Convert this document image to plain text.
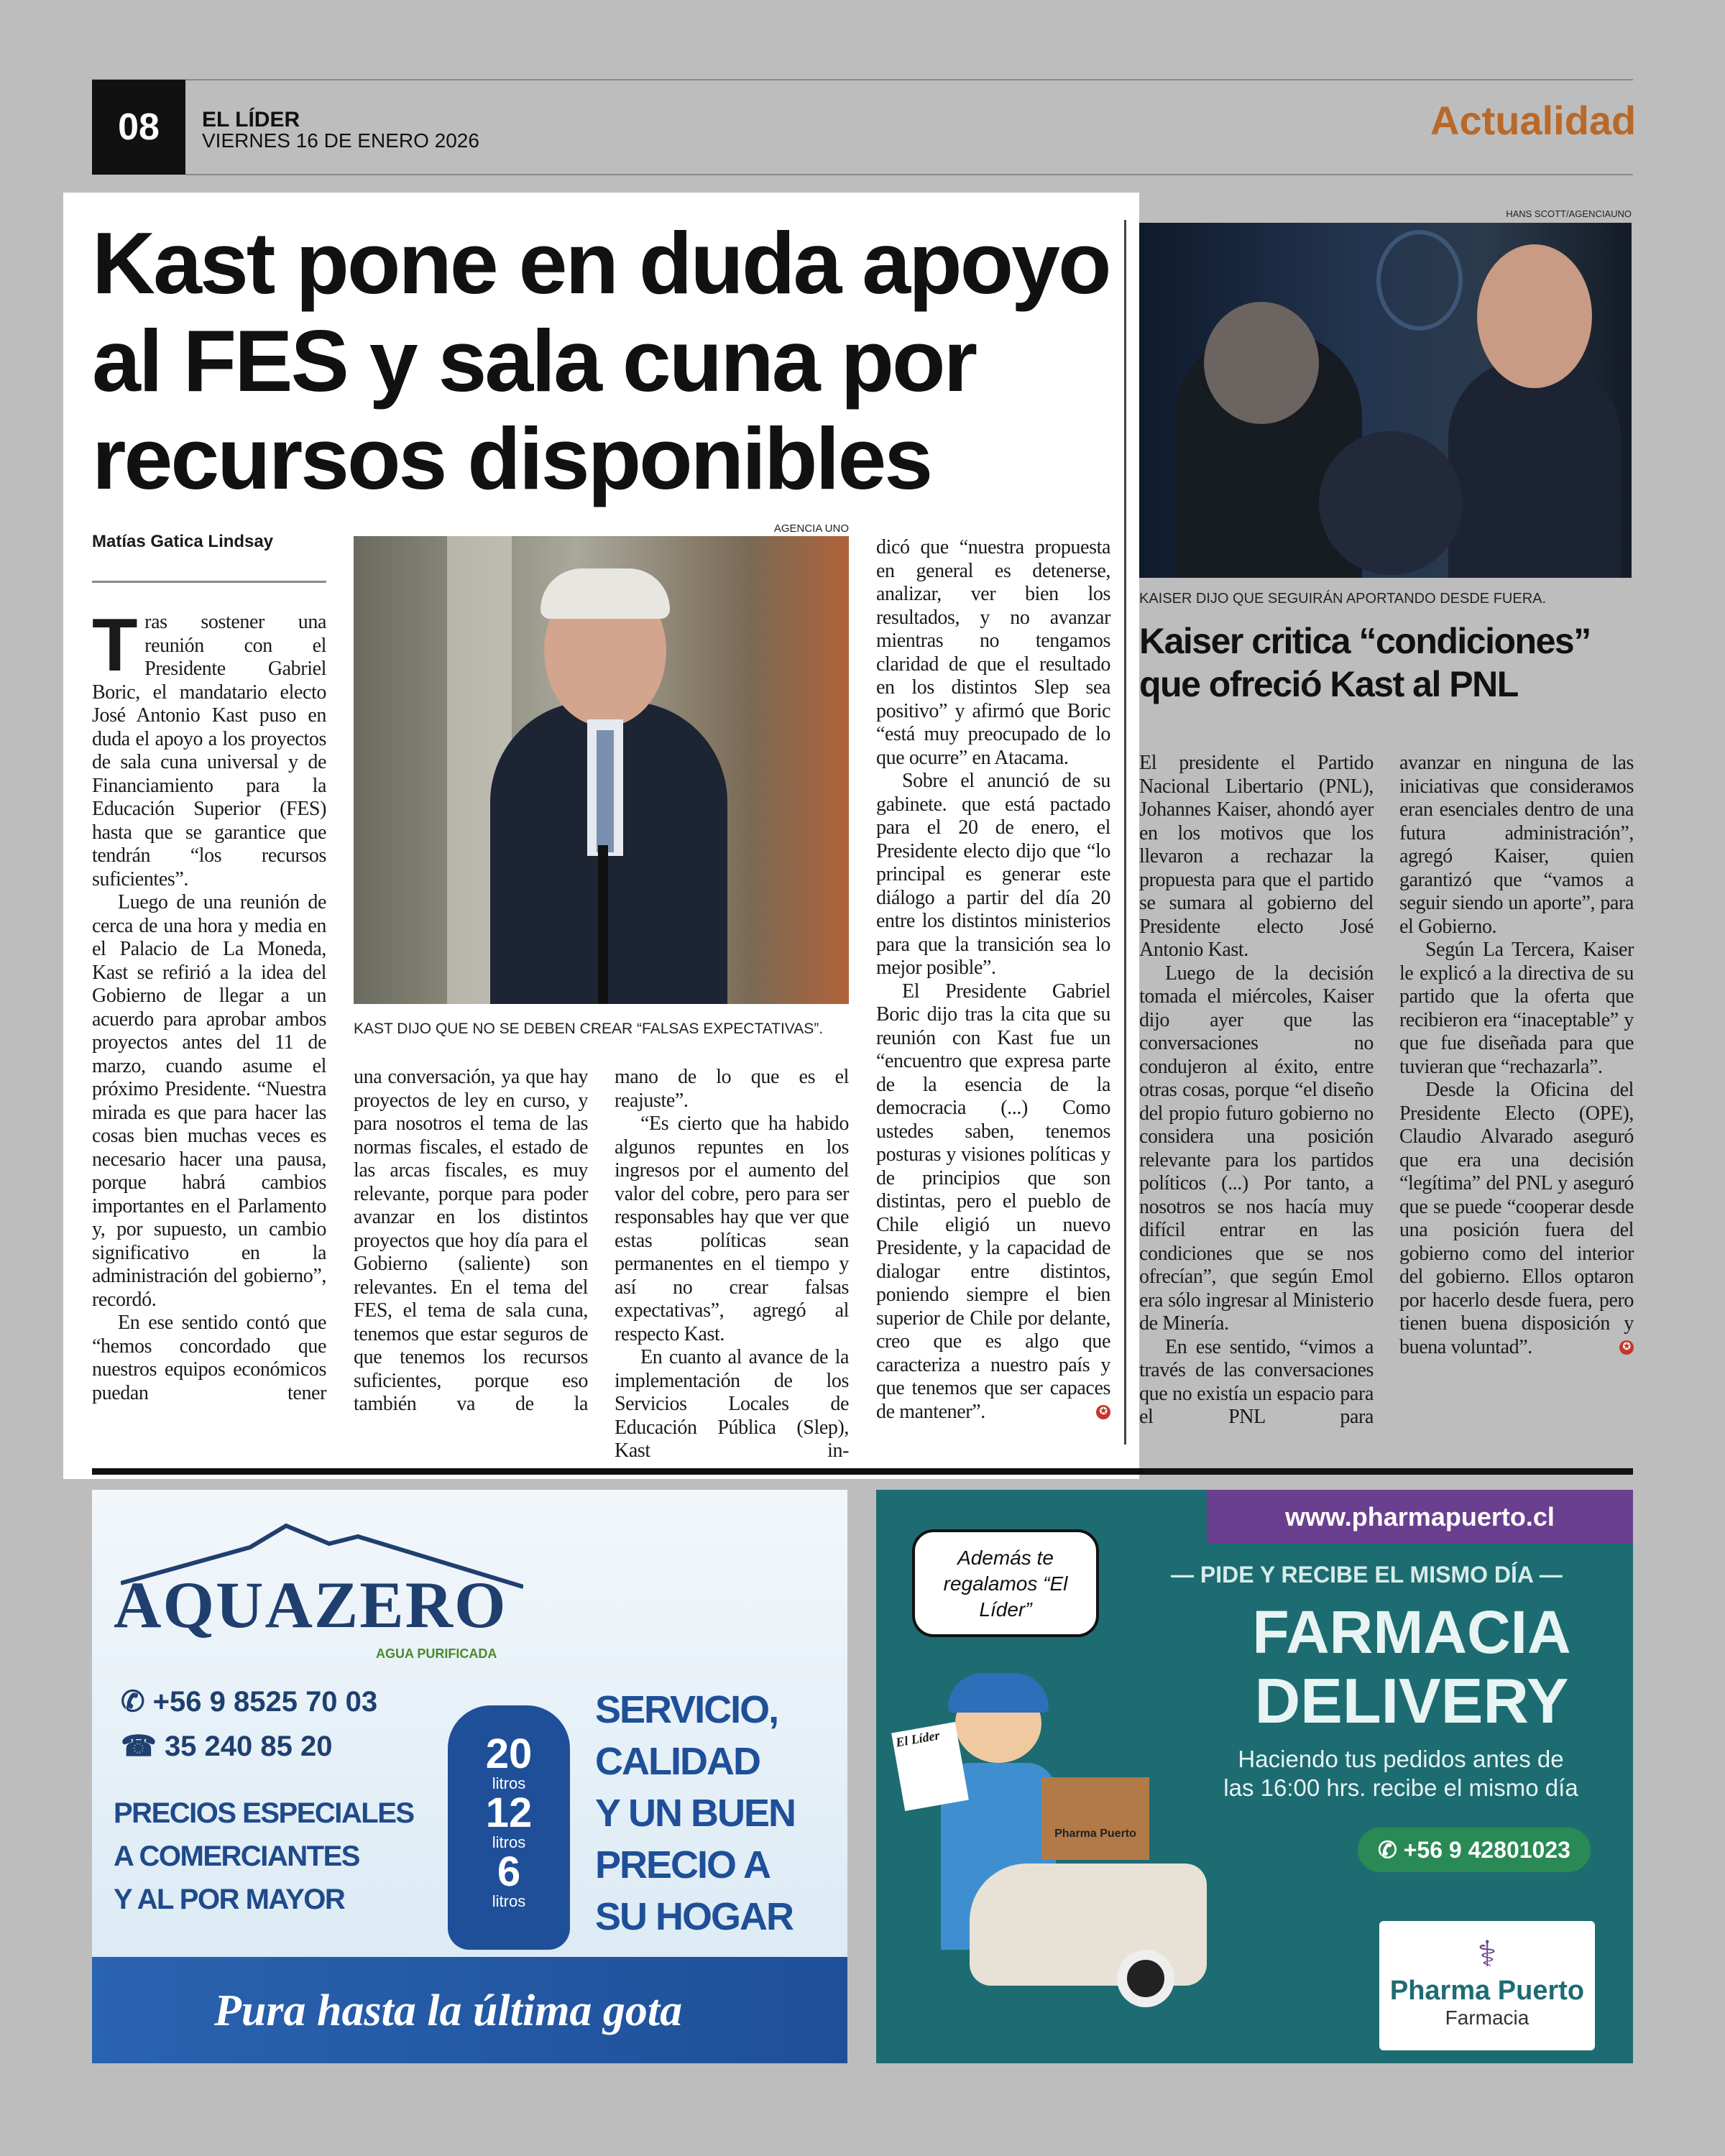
08	EL LÍDER
VIERNES 16 DE ENERO 2026	Actualidad
Kast pone en duda apoyo al FES y sala cuna por recursos disponibles
Matías Gatica Lindsay
AGENCIA UNO
KAST DIJO QUE NO SE DEBEN CREAR “FALSAS EXPECTATIVAS”.

Tras sostener una reunión con el Presidente Gabriel Boric, el mandatario electo José Antonio Kast puso en duda el apoyo a los proyectos de sala cuna universal y de Financiamiento para la Educación Superior (FES) hasta que se garantice que tendrán “los recursos suficientes”.

Luego de una reunión de cerca de una hora y media en el Palacio de La Moneda, Kast se refirió a la idea del Gobierno de llegar a un acuerdo para aprobar ambos proyectos antes del 11 de marzo, cuando asume el próximo Presidente. “Nuestra mirada es que para hacer las cosas bien muchas veces es necesario hacer una pausa, porque habrá cambios importantes en el Parlamento y, por supuesto, un cambio significativo en la administración del gobierno”, recordó.

En ese sentido contó que “hemos concordado que nuestros equipos económicos puedan tener

una conversación, ya que hay proyectos de ley en curso, y para nosotros el tema de las normas fiscales, el estado de las arcas fiscales, es muy relevante, porque para poder avanzar en los distintos proyectos que hoy día para el Gobierno (saliente) son relevantes. En el tema del FES, el tema de sala cuna, tenemos que estar seguros de que tenemos los recursos suficientes, porque eso también va de la

mano de lo que es el reajuste”.

“Es cierto que ha habido algunos repuntes en los ingresos por el aumento del valor del cobre, pero para ser responsables hay que ver que estas políticas sean permanentes en el tiempo y así no crear falsas expectativas”, agregó al respecto Kast.

En cuanto al avance de la implementación de los Servicios Locales de Educación Pública (Slep), Kast in-

dicó que “nuestra propuesta en general es detenerse, analizar, ver bien los resultados, y no avanzar mientras no tengamos claridad de que el resultado en los distintos Slep sea positivo” y afirmó que Boric “está muy preocupado de lo que ocurre” en Atacama.

Sobre el anunció de su gabinete. que está pactado para el 20 de enero, el Presidente electo dijo que “lo principal es generar este diálogo a partir del día 20 entre los distintos ministerios para que la transición sea lo mejor posible”.

El Presidente Gabriel Boric dijo tras la cita que su reunión con Kast fue un “encuentro que expresa parte de la esencia de la democracia (...) Como ustedes saben, tenemos posturas y visiones políticas y de principios que son distintas, pero el pueblo de Chile eligió un nuevo Presidente, y la capacidad de dialogar entre distintos, poniendo siempre el bien superior de Chile por delante, creo que es algo que caracteriza a nuestro país y que tenemos que ser capaces de mantener”.	✪

HANS SCOTT/AGENCIAUNO
KAISER DIJO QUE SEGUIRÁN APORTANDO DESDE FUERA.
Kaiser critica “condiciones” que ofreció Kast al PNL

El presidente el Partido Nacional Libertario (PNL), Johannes Kaiser, ahondó ayer en los motivos que los llevaron a rechazar la propuesta para que el partido se sumara al gobierno del Presidente electo José Antonio Kast.

Luego de la decisión tomada el miércoles, Kaiser dijo ayer que las conversaciones no condujeron al éxito, entre otras cosas, porque “el diseño del propio futuro gobierno no considera una posición relevante para los partidos políticos (...) Por tanto, a nosotros se nos hacía muy difícil entrar en las condiciones que se nos ofrecían”, que según Emol era sólo ingresar al Ministerio de Minería.

En ese sentido, “vimos a través de las conversaciones que no existía un espacio para el PNL para

avanzar en ninguna de las iniciativas que considerамos eran esenciales dentro de una futura administración”, agregó Kaiser, quien garantizó que “vamos a seguir siendo un aporte”, para el Gobierno.

Según La Tercera, Kaiser le explicó a la directiva de su partido que la oferta que recibieron era “inaceptable” y que fue diseñada para que tuvieran que “rechazarla”.

Desde la Oficina del Presidente Electo (OPE), Claudio Alvarado aseguró que era una decisión “legítima” del PNL y aseguró que se puede “cooperar desde una posición fuera del gobierno como del interior del gobierno. Ellos optaron por hacerlo desde fuera, pero tienen buena disposición y buena voluntad”.	✪

AQUAZERO
AGUA PURIFICADA
✆ +56 9 8525 70 03
☎ 35 240 85 20
PRECIOS ESPECIALES
A COMERCIANTES
Y AL POR MAYOR
20
litros
12
litros
6
litros
SERVICIO,
CALIDAD
Y UN BUEN
PRECIO A
SU HOGAR
Pura hasta la última gota
www.pharmapuerto.cl
Además te regalamos “El Líder”
— PIDE Y RECIBE EL MISMO DÍA —
FARMACIA
DELIVERY
Haciendo tus pedidos antes de
las 16:00 hrs. recibe el mismo día
✆ +56 9 42801023
El Líder
Pharma Puerto
⚕
Pharma Puerto
Farmacia
